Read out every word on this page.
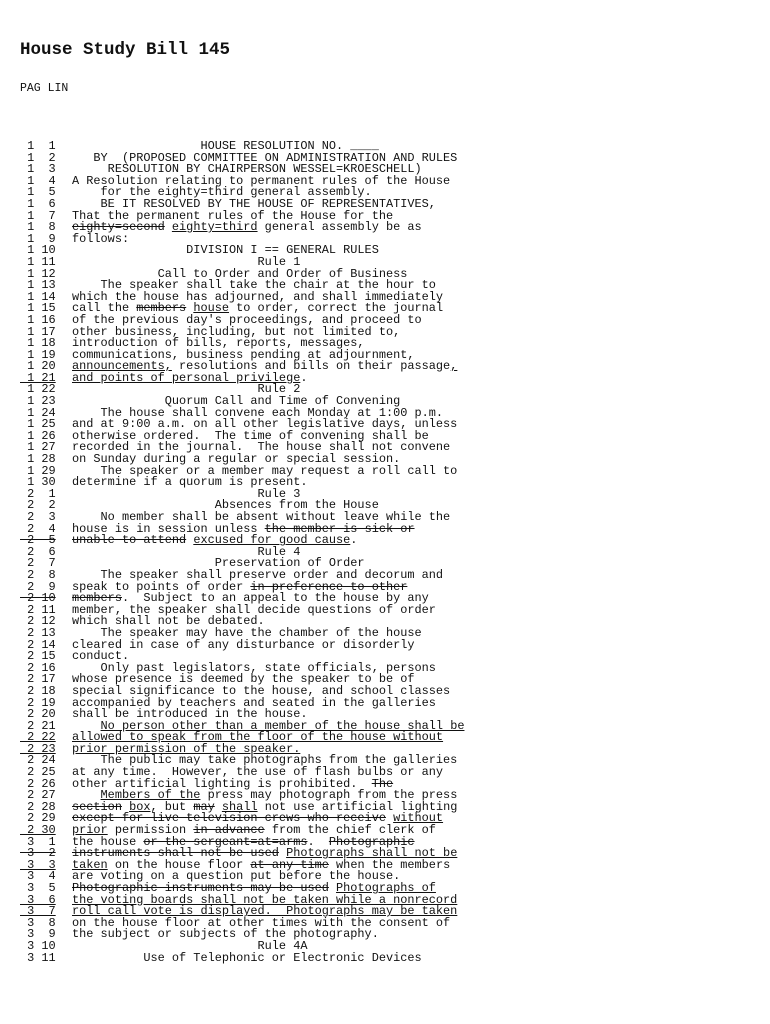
House Study Bill 145
PAG LIN
1  1	HOUSE RESOLUTION NO. ____
1  2	BY  (PROPOSED COMMITTEE ON ADMINISTRATION AND RULES
1  3	RESOLUTION BY CHAIRPERSON WESSEL=KROESCHELL)
1  4	A Resolution relating to permanent rules of the House
1  5	for the eighty=third general assembly.
1  6	BE IT RESOLVED BY THE HOUSE OF REPRESENTATIVES,
1  7	That the permanent rules of the House for the
1  8	eighty=second eighty=third general assembly be as
1  9	follows:
1 10	DIVISION I == GENERAL RULES
1 11	Rule 1
1 12	Call to Order and Order of Business
1 13	The speaker shall take the chair at the hour to
1 14	which the house has adjourned, and shall immediately
1 15	call the members house to order, correct the journal
1 16	of the previous day's proceedings, and proceed to
1 17	other business, including, but not limited to,
1 18	introduction of bills, reports, messages,
1 19	communications, business pending at adjournment,
1 20	announcements, resolutions and bills on their passage,
1 21	and points of personal privilege.
1 22	Rule 2
1 23	Quorum Call and Time of Convening
1 24	The house shall convene each Monday at 1:00 p.m.
1 25	and at 9:00 a.m. on all other legislative days, unless
1 26	otherwise ordered.  The time of convening shall be
1 27	recorded in the journal.  The house shall not convene
1 28	on Sunday during a regular or special session.
1 29	The speaker or a member may request a roll call to
1 30	determine if a quorum is present.
2  1	Rule 3
2  2	Absences from the House
2  3	No member shall be absent without leave while the
2  4	house is in session unless the member is sick or
2  5	unable to attend excused for good cause.
2  6	Rule 4
2  7	Preservation of Order
2  8	The speaker shall preserve order and decorum and
2  9	speak to points of order in preference to other
2 10	members.  Subject to an appeal to the house by any
2 11	member, the speaker shall decide questions of order
2 12	which shall not be debated.
2 13	The speaker may have the chamber of the house
2 14	cleared in case of any disturbance or disorderly
2 15	conduct.
2 16	Only past legislators, state officials, persons
2 17	whose presence is deemed by the speaker to be of
2 18	special significance to the house, and school classes
2 19	accompanied by teachers and seated in the galleries
2 20	shall be introduced in the house.
2 21	No person other than a member of the house shall be
2 22	allowed to speak from the floor of the house without
2 23	prior permission of the speaker.
2 24	The public may take photographs from the galleries
2 25	at any time.  However, the use of flash bulbs or any
2 26	other artificial lighting is prohibited.  The
2 27	Members of the press may photograph from the press
2 28	section box, but may shall not use artificial lighting
2 29	except for live television crews who receive without
2 30	prior permission in advance from the chief clerk of
3  1	the house or the sergeant=at=arms.  Photographic
3  2	instruments shall not be used Photographs shall not be
3  3	taken on the house floor at any time when the members
3  4	are voting on a question put before the house.
3  5	Photographic instruments may be used Photographs of
3  6	the voting boards shall not be taken while a nonrecord
3  7	roll call vote is displayed.  Photographs may be taken
3  8	on the house floor at other times with the consent of
3  9	the subject or subjects of the photography.
3 10	Rule 4A
3 11	Use of Telephonic or Electronic Devices
